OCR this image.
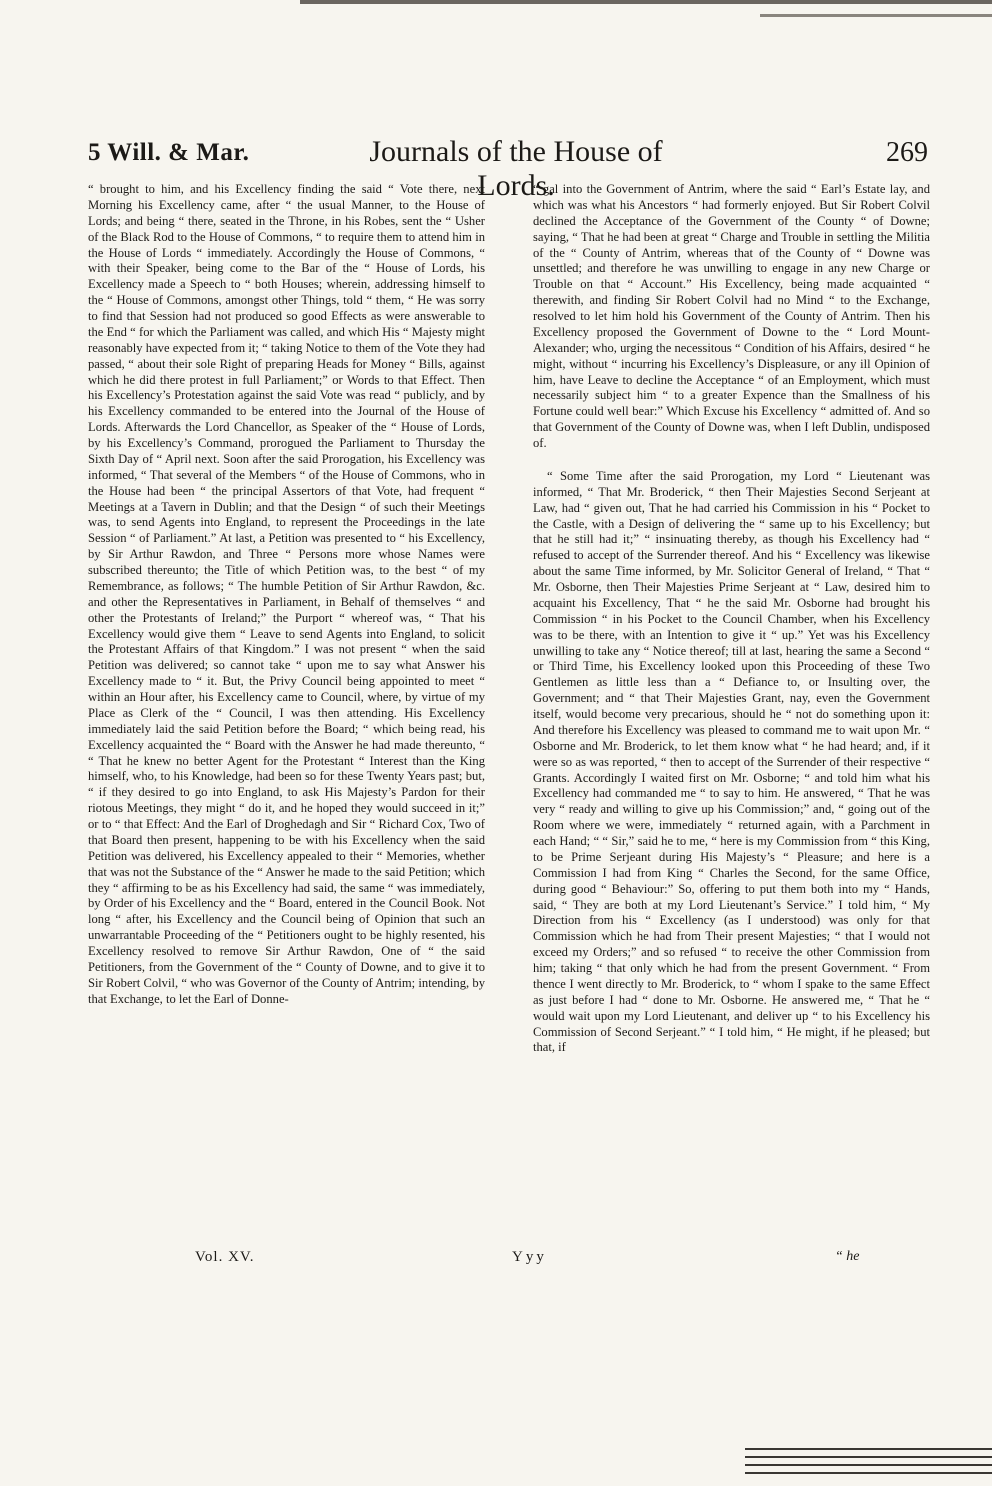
5 Will. & Mar.	Journals of the House of Lords.
269

“ brought to him, and his Excellency finding the said “ Vote there, next Morning his Excellency came, after “ the usual Manner, to the House of Lords; and being “ there, seated in the Throne, in his Robes, sent the “ Usher of the Black Rod to the House of Commons, “ to require them to attend him in the House of Lords “ immediately. Accordingly the House of Commons, “ with their Speaker, being come to the Bar of the “ House of Lords, his Excellency made a Speech to “ both Houses; wherein, addressing himself to the “ House of Commons, amongst other Things, told “ them, “ He was sorry to find that Session had not produced so good Effects as were answerable to the End “ for which the Parliament was called, and which His “ Majesty might reasonably have expected from it; “ taking Notice to them of the Vote they had passed, “ about their sole Right of preparing Heads for Money “ Bills, against which he did there protest in full Parliament;” or Words to that Effect. Then his Excellency’s Protestation against the said Vote was read “ publicly, and by his Excellency commanded to be entered into the Journal of the House of Lords. Afterwards the Lord Chancellor, as Speaker of the “ House of Lords, by his Excellency’s Command, prorogued the Parliament to Thursday the Sixth Day of “ April next. Soon after the said Prorogation, his Excellency was informed, “ That several of the Members “ of the House of Commons, who in the House had been “ the principal Assertors of that Vote, had frequent “ Meetings at a Tavern in Dublin; and that the Design “ of such their Meetings was, to send Agents into England, to represent the Proceedings in the late Session “ of Parliament.” At last, a Petition was presented to “ his Excellency, by Sir Arthur Rawdon, and Three “ Persons more whose Names were subscribed thereunto; the Title of which Petition was, to the best “ of my Remembrance, as follows; “ The humble Petition of Sir Arthur Rawdon, &c. and other the Representatives in Parliament, in Behalf of themselves “ and other the Protestants of Ireland;” the Purport “ whereof was, “ That his Excellency would give them “ Leave to send Agents into England, to solicit the Protestant Affairs of that Kingdom.” I was not present “ when the said Petition was delivered; so cannot take “ upon me to say what Answer his Excellency made to “ it. But, the Privy Council being appointed to meet “ within an Hour after, his Excellency came to Council, where, by virtue of my Place as Clerk of the “ Council, I was then attending. His Excellency immediately laid the said Petition before the Board; “ which being read, his Excellency acquainted the “ Board with the Answer he had made thereunto, “ “ That he knew no better Agent for the Protestant “ Interest than the King himself, who, to his Knowledge, had been so for these Twenty Years past; but, “ if they desired to go into England, to ask His Majesty’s Pardon for their riotous Meetings, they might “ do it, and he hoped they would succeed in it;” or to “ that Effect: And the Earl of Droghedagh and Sir “ Richard Cox, Two of that Board then present, happening to be with his Excellency when the said Petition was delivered, his Excellency appealed to their “ Memories, whether that was not the Substance of the “ Answer he made to the said Petition; which they “ affirming to be as his Excellency had said, the same “ was immediately, by Order of his Excellency and the “ Board, entered in the Council Book. Not long “ after, his Excellency and the Council being of Opinion that such an unwarrantable Proceeding of the “ Petitioners ought to be highly resented, his Excellency resolved to remove Sir Arthur Rawdon, One of “ the said Petitioners, from the Government of the “ County of Downe, and to give it to Sir Robert Colvil, “ who was Governor of the County of Antrim; intending, by that Exchange, to let the Earl of Donne-

“ gal into the Government of Antrim, where the said “ Earl’s Estate lay, and which was what his Ancestors “ had formerly enjoyed. But Sir Robert Colvil declined the Acceptance of the Government of the County “ of Downe; saying, “ That he had been at great “ Charge and Trouble in settling the Militia of the “ County of Antrim, whereas that of the County of “ Downe was unsettled; and therefore he was unwilling to engage in any new Charge or Trouble on that “ Account.” His Excellency, being made acquainted “ therewith, and finding Sir Robert Colvil had no Mind “ to the Exchange, resolved to let him hold his Government of the County of Antrim. Then his Excellency proposed the Government of Downe to the “ Lord Mount-Alexander; who, urging the necessitous “ Condition of his Affairs, desired “ he might, without “ incurring his Excellency’s Displeasure, or any ill Opinion of him, have Leave to decline the Acceptance “ of an Employment, which must necessarily subject him “ to a greater Expence than the Smallness of his Fortune could well bear:” Which Excuse his Excellency “ admitted of. And so that Government of the County of Downe was, when I left Dublin, undisposed of.

“ Some Time after the said Prorogation, my Lord “ Lieutenant was informed, “ That Mr. Broderick, “ then Their Majesties Second Serjeant at Law, had “ given out, That he had carried his Commission in his “ Pocket to the Castle, with a Design of delivering the “ same up to his Excellency; but that he still had it;” “ insinuating thereby, as though his Excellency had “ refused to accept of the Surrender thereof. And his “ Excellency was likewise about the same Time informed, by Mr. Solicitor General of Ireland, “ That “ Mr. Osborne, then Their Majesties Prime Serjeant at “ Law, desired him to acquaint his Excellency, That “ he the said Mr. Osborne had brought his Commission “ in his Pocket to the Council Chamber, when his Excellency was to be there, with an Intention to give it “ up.” Yet was his Excellency unwilling to take any “ Notice thereof; till at last, hearing the same a Second “ or Third Time, his Excellency looked upon this Proceeding of these Two Gentlemen as little less than a “ Defiance to, or Insulting over, the Government; and “ that Their Majesties Grant, nay, even the Government itself, would become very precarious, should he “ not do something upon it: And therefore his Excellency was pleased to command me to wait upon Mr. “ Osborne and Mr. Broderick, to let them know what “ he had heard; and, if it were so as was reported, “ then to accept of the Surrender of their respective “ Grants. Accordingly I waited first on Mr. Osborne; “ and told him what his Excellency had commanded me “ to say to him. He answered, “ That he was very “ ready and willing to give up his Commission;” and, “ going out of the Room where we were, immediately “ returned again, with a Parchment in each Hand; “ “ Sir,” said he to me, “ here is my Commission from “ this King, to be Prime Serjeant during His Majesty’s “ Pleasure; and here is a Commission I had from King “ Charles the Second, for the same Office, during good “ Behaviour:” So, offering to put them both into my “ Hands, said, “ They are both at my Lord Lieutenant’s Service.” I told him, “ My Direction from his “ Excellency (as I understood) was only for that Commission which he had from Their present Majesties; “ that I would not exceed my Orders;” and so refused “ to receive the other Commission from him; taking “ that only which he had from the present Government. “ From thence I went directly to Mr. Broderick, to “ whom I spake to the same Effect as just before I had “ done to Mr. Osborne. He answered me, “ That he “ would wait upon my Lord Lieutenant, and deliver up “ to his Excellency his Commission of Second Serjeant.” “ I told him, “ He might, if he pleased; but that, if

Vol. XV.	Yyy	“ he
